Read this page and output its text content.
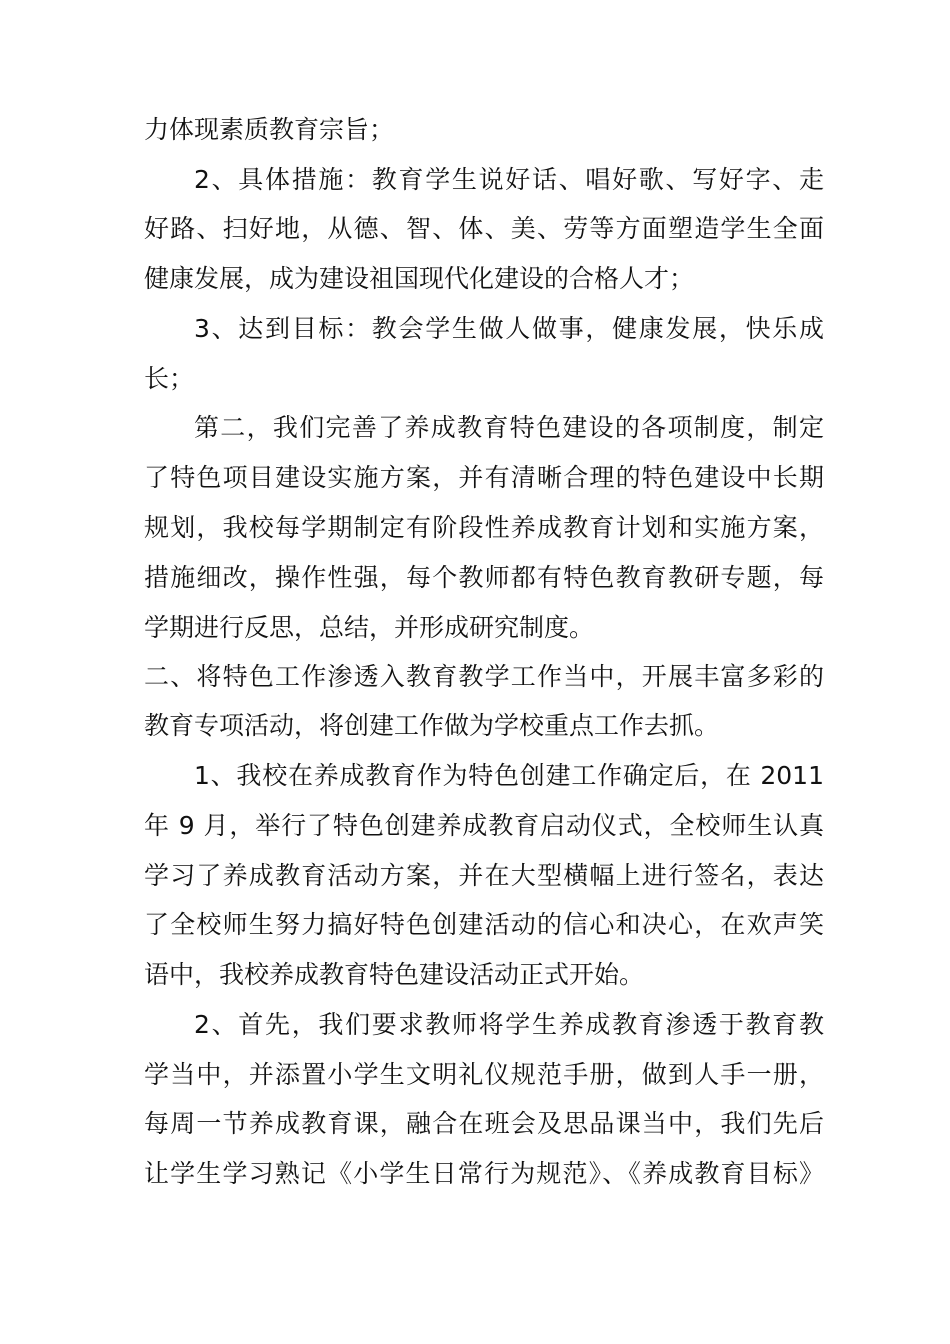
力体现素质教育宗旨；
2、具体措施：教育学生说好话、唱好歌、写好字、走
好路、扫好地，从德、智、体、美、劳等方面塑造学生全面
健康发展，成为建设祖国现代化建设的合格人才；
3、达到目标：教会学生做人做事，健康发展，快乐成
长；
第二，我们完善了养成教育特色建设的各项制度，制定
了特色项目建设实施方案，并有清晰合理的特色建设中长期
规划，我校每学期制定有阶段性养成教育计划和实施方案，
措施细改，操作性强，每个教师都有特色教育教研专题，每
学期进行反思，总结，并形成研究制度。
二、将特色工作渗透入教育教学工作当中，开展丰富多彩的
教育专项活动，将创建工作做为学校重点工作去抓。
1、我校在养成教育作为特色创建工作确定后，在 2011
年 9 月，举行了特色创建养成教育启动仪式，全校师生认真
学习了养成教育活动方案，并在大型横幅上进行签名，表达
了全校师生努力搞好特色创建活动的信心和决心，在欢声笑
语中，我校养成教育特色建设活动正式开始。
2、首先，我们要求教师将学生养成教育渗透于教育教
学当中，并添置小学生文明礼仪规范手册，做到人手一册，
每周一节养成教育课，融合在班会及思品课当中，我们先后
让学生学习熟记《小学生日常行为规范》、《养成教育目标》
